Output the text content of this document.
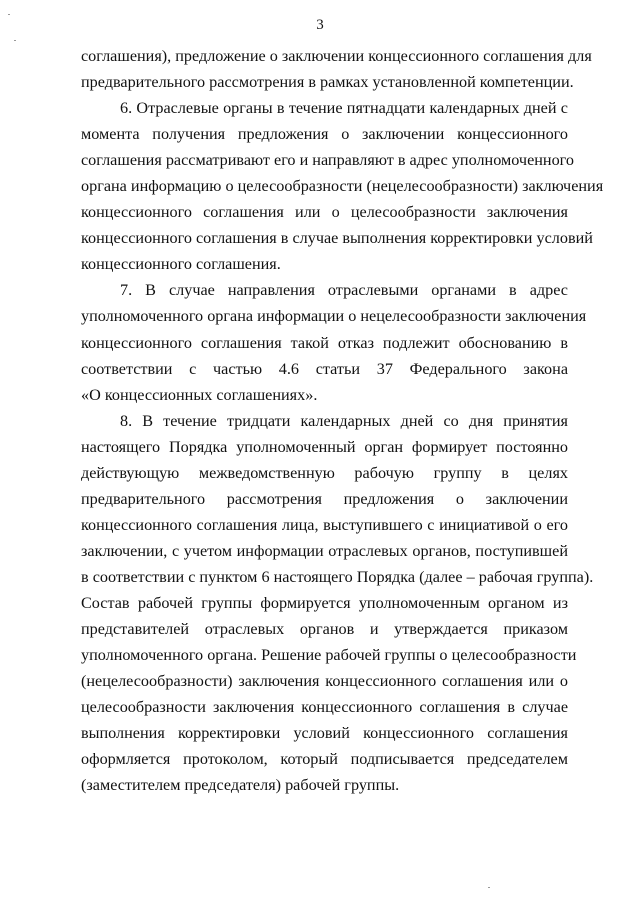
3
соглашения), предложение о заключении концессионного соглашения для
предварительного рассмотрения в рамках установленной компетенции.
6. Отраслевые органы в течение пятнадцати календарных дней с
момента получения предложения о заключении концессионного
соглашения рассматривают его и направляют в адрес уполномоченного
органа информацию о целесообразности (нецелесообразности) заключения
концессионного соглашения или о целесообразности заключения
концессионного соглашения в случае выполнения корректировки условий
концессионного соглашения.
7. В случае направления отраслевыми органами в адрес
уполномоченного органа информации о нецелесообразности заключения
концессионного соглашения такой отказ подлежит обоснованию в
соответствии с частью 4.6 статьи 37 Федерального закона
«О концессионных соглашениях».
8. В течение тридцати календарных дней со дня принятия
настоящего Порядка уполномоченный орган формирует постоянно
действующую межведомственную рабочую группу в целях
предварительного рассмотрения предложения о заключении
концессионного соглашения лица, выступившего с инициативой о его
заключении, с учетом информации отраслевых органов, поступившей
в соответствии с пунктом 6 настоящего Порядка (далее – рабочая группа).
Состав рабочей группы формируется уполномоченным органом из
представителей отраслевых органов и утверждается приказом
уполномоченного органа. Решение рабочей группы о целесообразности
(нецелесообразности) заключения концессионного соглашения или о
целесообразности заключения концессионного соглашения в случае
выполнения корректировки условий концессионного соглашения
оформляется протоколом, который подписывается председателем
(заместителем председателя) рабочей группы.
